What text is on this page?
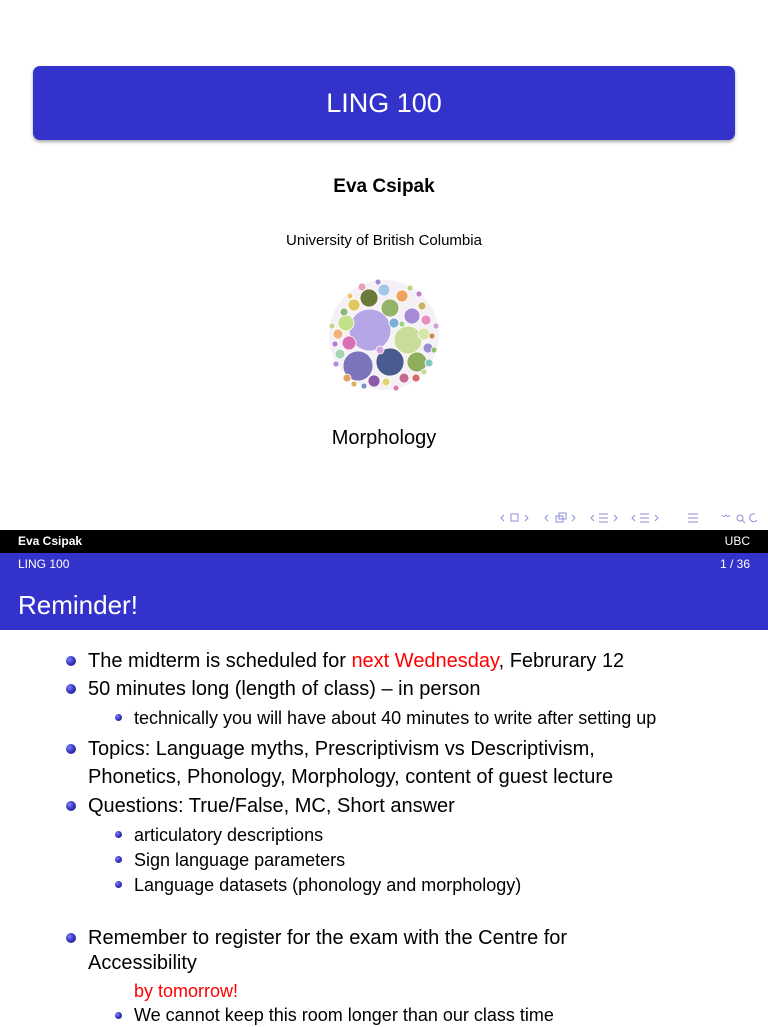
LING 100
Eva Csipak
University of British Columbia
Morphology
Eva Csipak	UBC
LING 100	1 / 36
Reminder!
The midterm is scheduled for next Wednesday, Februrary 12
50 minutes long (length of class) – in person
technically you will have about 40 minutes to write after setting up
Topics: Language myths, Prescriptivism vs Descriptivism,
Phonetics, Phonology, Morphology, content of guest lecture
Questions: True/False, MC, Short answer
articulatory descriptions
Sign language parameters
Language datasets (phonology and morphology)
Remember to register for the exam with the Centre for
Accessibility
by tomorrow!
We cannot keep this room longer than our class time
